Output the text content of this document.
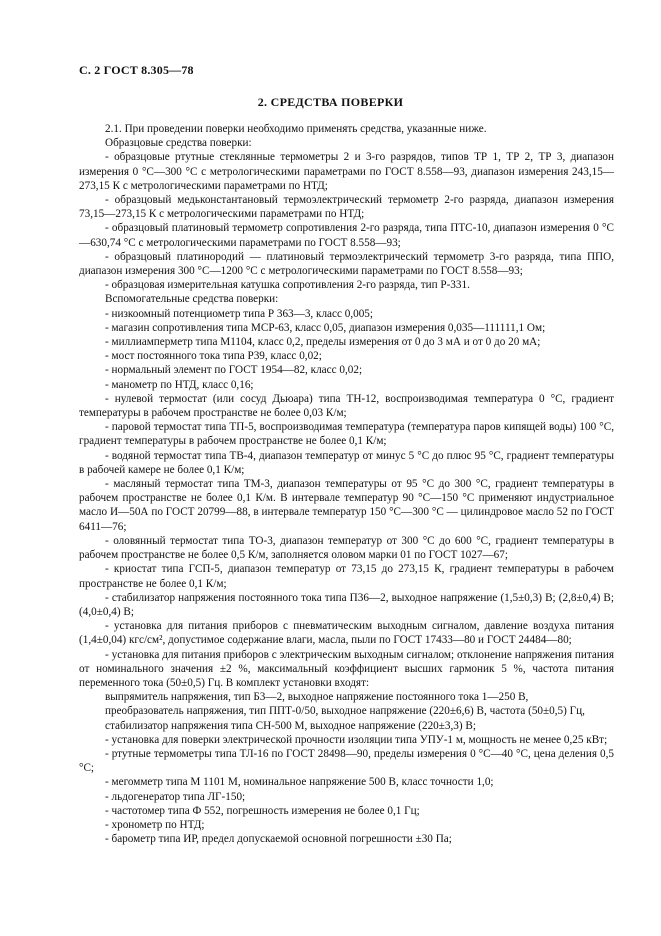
С. 2 ГОСТ 8.305—78
2. СРЕДСТВА ПОВЕРКИ

2.1. При проведении поверки необходимо применять средства, указанные ниже.

Образцовые средства поверки:

- образцовые ртутные стеклянные термометры 2 и 3-го разрядов, типов ТР 1, ТР 2, ТР 3, диапазон измерения 0 °С—300 °С с метрологическими параметрами по ГОСТ 8.558—93, диапазон измерения 243,15—273,15 К с метрологическими параметрами по НТД;

- образцовый медьконстантановый термоэлектрический термометр 2-го разряда, диапазон измерения 73,15—273,15 К с метрологическими параметрами по НТД;

- образцовый платиновый термометр сопротивления 2-го разряда, типа ПТС-10, диапазон измерения 0 °С—630,74 °С с метрологическими параметрами по ГОСТ 8.558—93;

- образцовый платинородий — платиновый термоэлектрический термометр 3-го разряда, типа ППО, диапазон измерения 300 °С—1200 °С с метрологическими параметрами по ГОСТ 8.558—93;

- образцовая измерительная катушка сопротивления 2-го разряда, тип Р-331.

Вспомогательные средства поверки:

- низкоомный потенциометр типа Р 363—3, класс 0,005;

- магазин сопротивления типа МСР-63, класс 0,05, диапазон измерения 0,035—111111,1 Ом;

- миллиамперметр типа М1104, класс 0,2, пределы измерения от 0 до 3 мА и от 0 до 20 мА;

- мост постоянного тока типа Р39, класс 0,02;

- нормальный элемент по ГОСТ 1954—82, класс 0,02;

- манометр по НТД, класс 0,16;

- нулевой термостат (или сосуд Дьюара) типа ТН-12, воспроизводимая температура 0 °С, градиент температуры в рабочем пространстве не более 0,03 К/м;

- паровой термостат типа ТП-5, воспроизводимая температура (температура паров кипящей воды) 100 °С, градиент температуры в рабочем пространстве не более 0,1 К/м;

- водяной термостат типа ТВ-4, диапазон температур от минус 5 °С до плюс 95 °С, градиент температуры в рабочей камере не более 0,1 К/м;

- масляный термостат типа ТМ-3, диапазон температуры от 95 °С до 300 °С, градиент температуры в рабочем пространстве не более 0,1 К/м. В интервале температур 90 °С—150 °С применяют индустриальное масло И—50А по ГОСТ 20799—88, в интервале температур 150 °С—300 °С — цилиндровое масло 52 по ГОСТ 6411—76;

- оловянный термостат типа ТО-3, диапазон температур от 300 °С до 600 °С, градиент температуры в рабочем пространстве не более 0,5 К/м, заполняется оловом марки 01 по ГОСТ 1027—67;

- криостат типа ГСП-5, диапазон температур от 73,15 до 273,15 К, градиент температуры в рабочем пространстве не более 0,1 К/м;

- стабилизатор напряжения постоянного тока типа П36—2, выходное напряжение (1,5±0,3) В; (2,8±0,4) В; (4,0±0,4) В;

- установка для питания приборов с пневматическим выходным сигналом, давление воздуха питания (1,4±0,04) кгс/см², допустимое содержание влаги, масла, пыли по ГОСТ 17433—80 и ГОСТ 24484—80;

- установка для питания приборов с электрическим выходным сигналом; отклонение напряжения питания от номинального значения ±2 %, максимальный коэффициент высших гармоник 5 %, частота питания переменного тока (50±0,5) Гц. В комплект установки входят:

выпрямитель напряжения, тип Б3—2, выходное напряжение постоянного тока 1—250 В,

преобразователь напряжения, тип ППТ-0/50, выходное напряжение (220±6,6) В, частота (50±0,5) Гц,

стабилизатор напряжения типа СН-500 М, выходное напряжение (220±3,3) В;

- установка для поверки электрической прочности изоляции типа УПУ-1 м, мощность не менее 0,25 кВт;

- ртутные термометры типа ТЛ-16 по ГОСТ 28498—90, пределы измерения 0 °С—40 °С, цена деления 0,5 °С;

- мегомметр типа М 1101 М, номинальное напряжение 500 В, класс точности 1,0;

- льдогенератор типа ЛГ-150;

- частотомер типа Ф 552, погрешность измерения не более 0,1 Гц;

- хронометр по НТД;

- барометр типа ИР, предел допускаемой основной погрешности ±30 Па;
